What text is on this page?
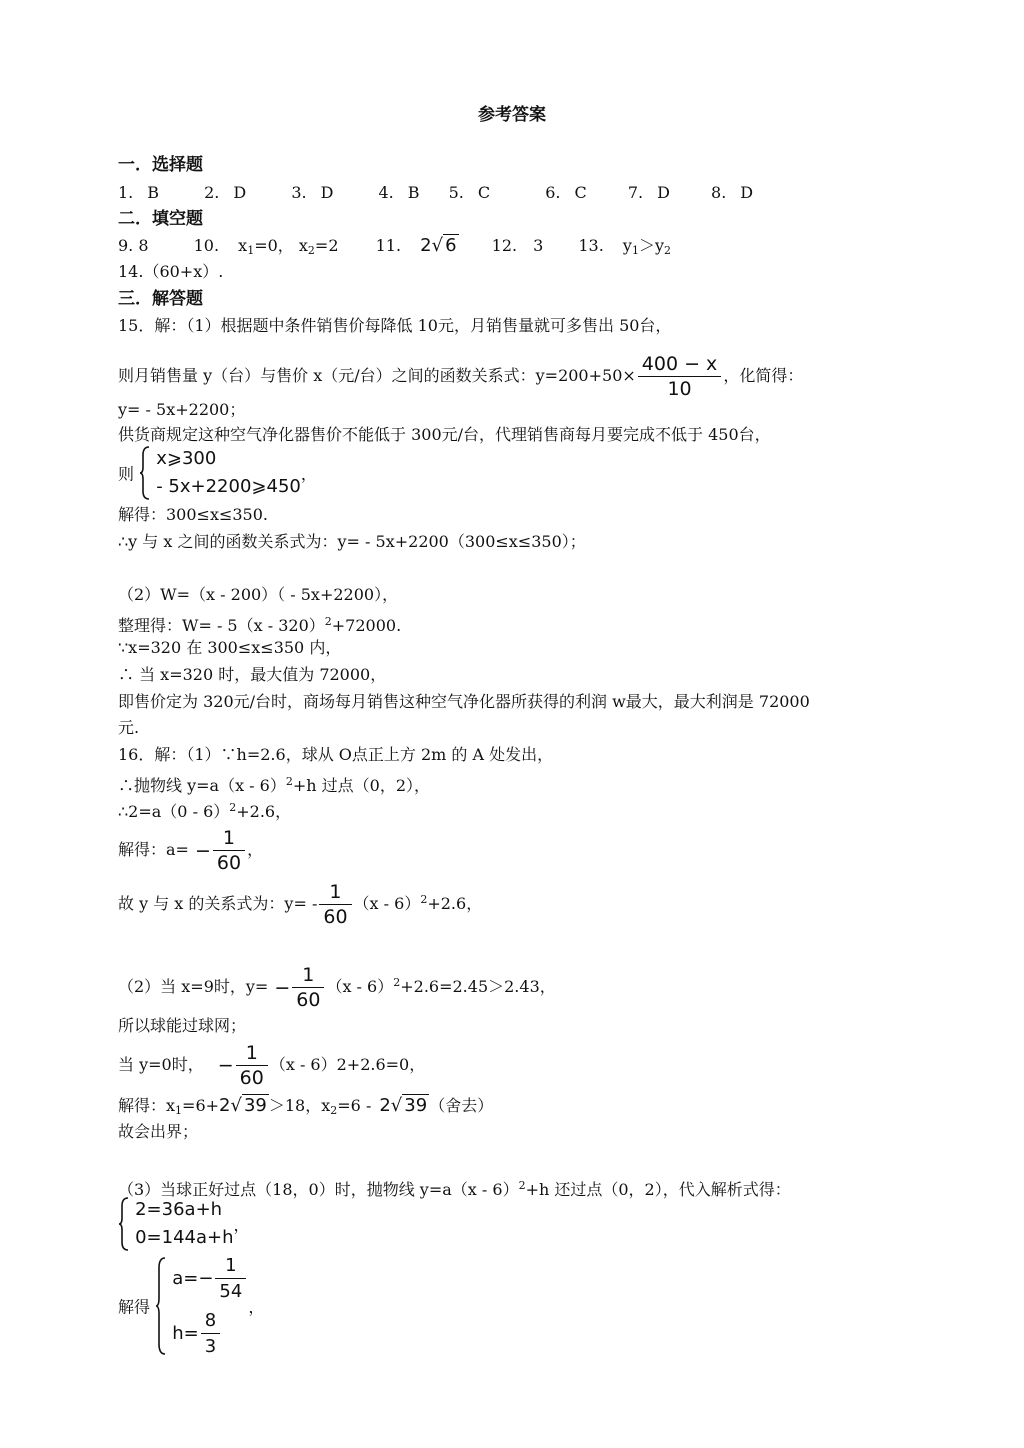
参考答案
一．选择题
1. B	2. D	3. D	4. B 5. C	6. C	7. D	8. D
二．填空题
9. 8	10. $x_1=0$， $x_2=2$ 11. 2√ 6 12.　3 13. $y_1>y_2$
14.（60+x）.
三．解答题
15．解：（1）根据题中条件销售价每降低 10元，月销售量就可多售出 50台，
则月销售量 y（台）与售价 x（元/台）之间的函数关系式：$y=200+50\times \frac{400 - x}{10}$ ，化简得：
y= - 5x+2200；
供货商规定这种空气净化器售价不能低于 300元/台，代理销售商每月要完成不低于 450台，
则
x⩾300
- 5x+2200⩾450
，
解得：300≤x≤350.
∴y 与 x 之间的函数关系式为：y= - 5x+2200（300≤x≤350）；
（2）W=（x - 200）（ - 5x+2200），
整理得：W= - 5（x - 320）$^2$+72000.
∵x=320 在 300≤x≤350 内，
∴ 当 x=320 时，最大值为 72000，
即售价定为 320元/台时，商场每月销售这种空气净化器所获得的利润 w最大，最大利润是 72000
元.
16．解：（1）∵h=2.6，球从 O点正上方 2m 的 A 处发出，
∴抛物线 y=a（x - 6）$^2$+h 过点（0，2），
∴2=a（0 - 6）$^2$+2.6，
解得：$a= - \frac{1}{60}$ ，
故 y 与 x 的关系式为：$y= - \frac{1}{60} (x - 6)^2+2.6$，
（2）当 x=9时，$y= - \frac{1}{60} (x - 6)^2+2.6=2.45>2.43$，
所以球能过球网；
当 y=0时， − $\frac{1}{60} (x - 6)2+2.6=0$，
解得：$x_1=6+2√$ 39 ＞18，$x_2=6 - 2√$ 39 （舍去）
故会出界；
（3）当球正好过点（18，0）时，抛物线 y=a（x - 6）$^2$+h 还过点（0，2），代入解析式得：

2=36a+h
0=144a+h
，
解得
$a=- \frac{1}{54}$
$h= \frac{8}{3}$
，
